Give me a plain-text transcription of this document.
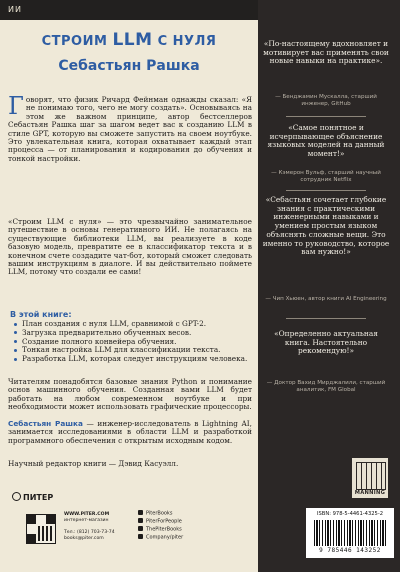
ИИ
СТРОИМ LLM С НУЛЯ
Себастьян Рашка

Говорят, что физик Ричард Фейнман однажды сказал: «Я не понимаю того, чего не могу создать». Основываясь на этом же важном принципе, автор бестселлеров Себастьян Рашка шаг за шагом ведет вас к созданию LLM в стиле GPT, которую вы сможете запустить на своем ноутбуке. Это увлекательная книга, которая охватывает каждый этап процесса — от планирования и кодирования до обучения и тонкой настройки.

«Строим LLM с нуля» — это чрезвычайно занимательное путешествие в основы генеративного ИИ. Не полагаясь на существующие библиотеки LLM, вы реализуете в коде базовую модель, превратите ее в классификатор текста и в конечном счете создадите чат-бот, который сможет следовать вашим инструкциям в диалоге. И вы действительно поймете LLM, потому что создали ее сами!

В этой книге:

План создания с нуля LLM, сравнимой с GPT-2.
Загрузка предварительно обученных весов.
Создание полного конвейера обучения.
Тонкая настройка LLM для классификации текста.
Разработка LLM, которая следует инструкциям человека.

Читателям понадобятся базовые знания Python и понимание основ машинного обучения. Созданная вами LLM будет работать на любом современном ноутбуке и при необходимости может использовать графические процессоры.

Себастьян Рашка — инженер-исследователь в Lightning AI, занимается исследованиями в области LLM и разработкой программного обеспечения с открытым исходным кодом.

Научный редактор книги — Дэвид Касуэлл.

ПИТЕР
WWW.PITER.COM
интернет-магазин

Тел.: (812) 703-73-74
books@piter.com
PiterBooks
PiterForPeople
ThePiterBooks
Company/piter

«По-настоящему вдохновляет и мотивирует вас применять свои новые навыки на практике».

— Бенджамин Мускалла, старший инженер, GitHub

«Самое понятное и исчерпывающее объяснение языковых моделей на данный момент!»

— Кэмерон Вульф, старший научный сотрудник Netflix

«Себастьян сочетает глубокие знания с практическими инженерными навыками и умением простым языком объяснять сложные вещи. Это именно то руководство, которое вам нужно!»

— Чип Хьюен, автор книги AI Engineering

«Определенно актуальная книга. Настоятельно рекомендую!»

— Доктор Вахид Мирджалили, старший аналитик, FM Global

MANNING
ISBN: 978-5-4461-4325-2
9 785446 143252
